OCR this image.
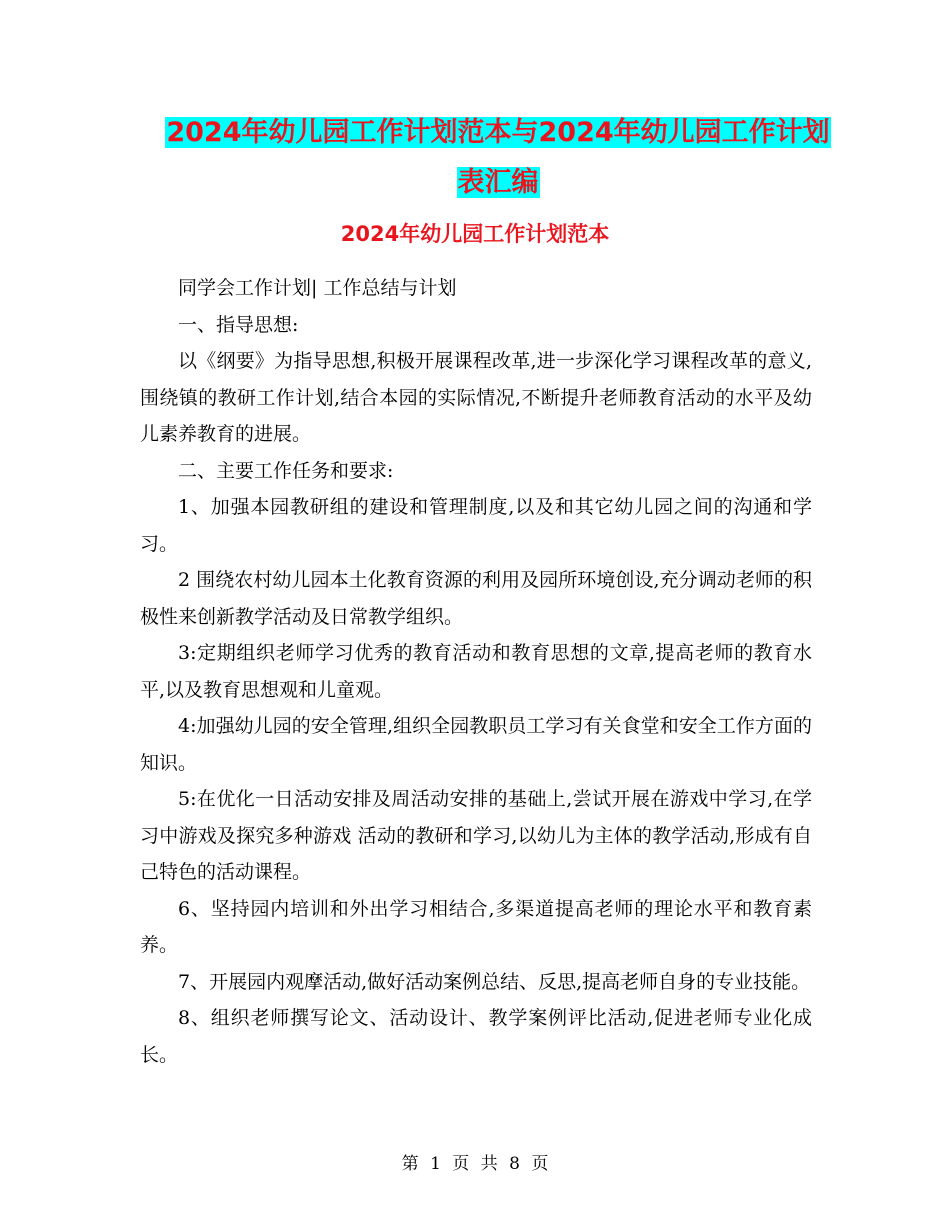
2024年幼儿园工作计划范本与2024年幼儿园工作计划
表汇编
2024年幼儿园工作计划范本

同学会工作计划| 工作总结与计划

一、指导思想:

以《纲要》为指导思想,积极开展课程改革,进一步深化学习课程改革的意义,围绕镇的教研工作计划,结合本园的实际情况,不断提升老师教育活动的水平及幼儿素养教育的进展。

二、主要工作任务和要求:

1、加强本园教研组的建设和管理制度,以及和其它幼儿园之间的沟通和学习。

2 围绕农村幼儿园本土化教育资源的利用及园所环境创设,充分调动老师的积极性来创新教学活动及日常教学组织。

3:定期组织老师学习优秀的教育活动和教育思想的文章,提高老师的教育水平,以及教育思想观和儿童观。

4:加强幼儿园的安全管理,组织全园教职员工学习有关食堂和安全工作方面的知识。

5:在优化一日活动安排及周活动安排的基础上,尝试开展在游戏中学习,在学习中游戏及探究多种游戏 活动的教研和学习,以幼儿为主体的教学活动,形成有自己特色的活动课程。

6、坚持园内培训和外出学习相结合,多渠道提高老师的理论水平和教育素养。

7、开展园内观摩活动,做好活动案例总结、反思,提高老师自身的专业技能。

8、组织老师撰写论文、活动设计、教学案例评比活动,促进老师专业化成长。

第 1 页 共 8 页
